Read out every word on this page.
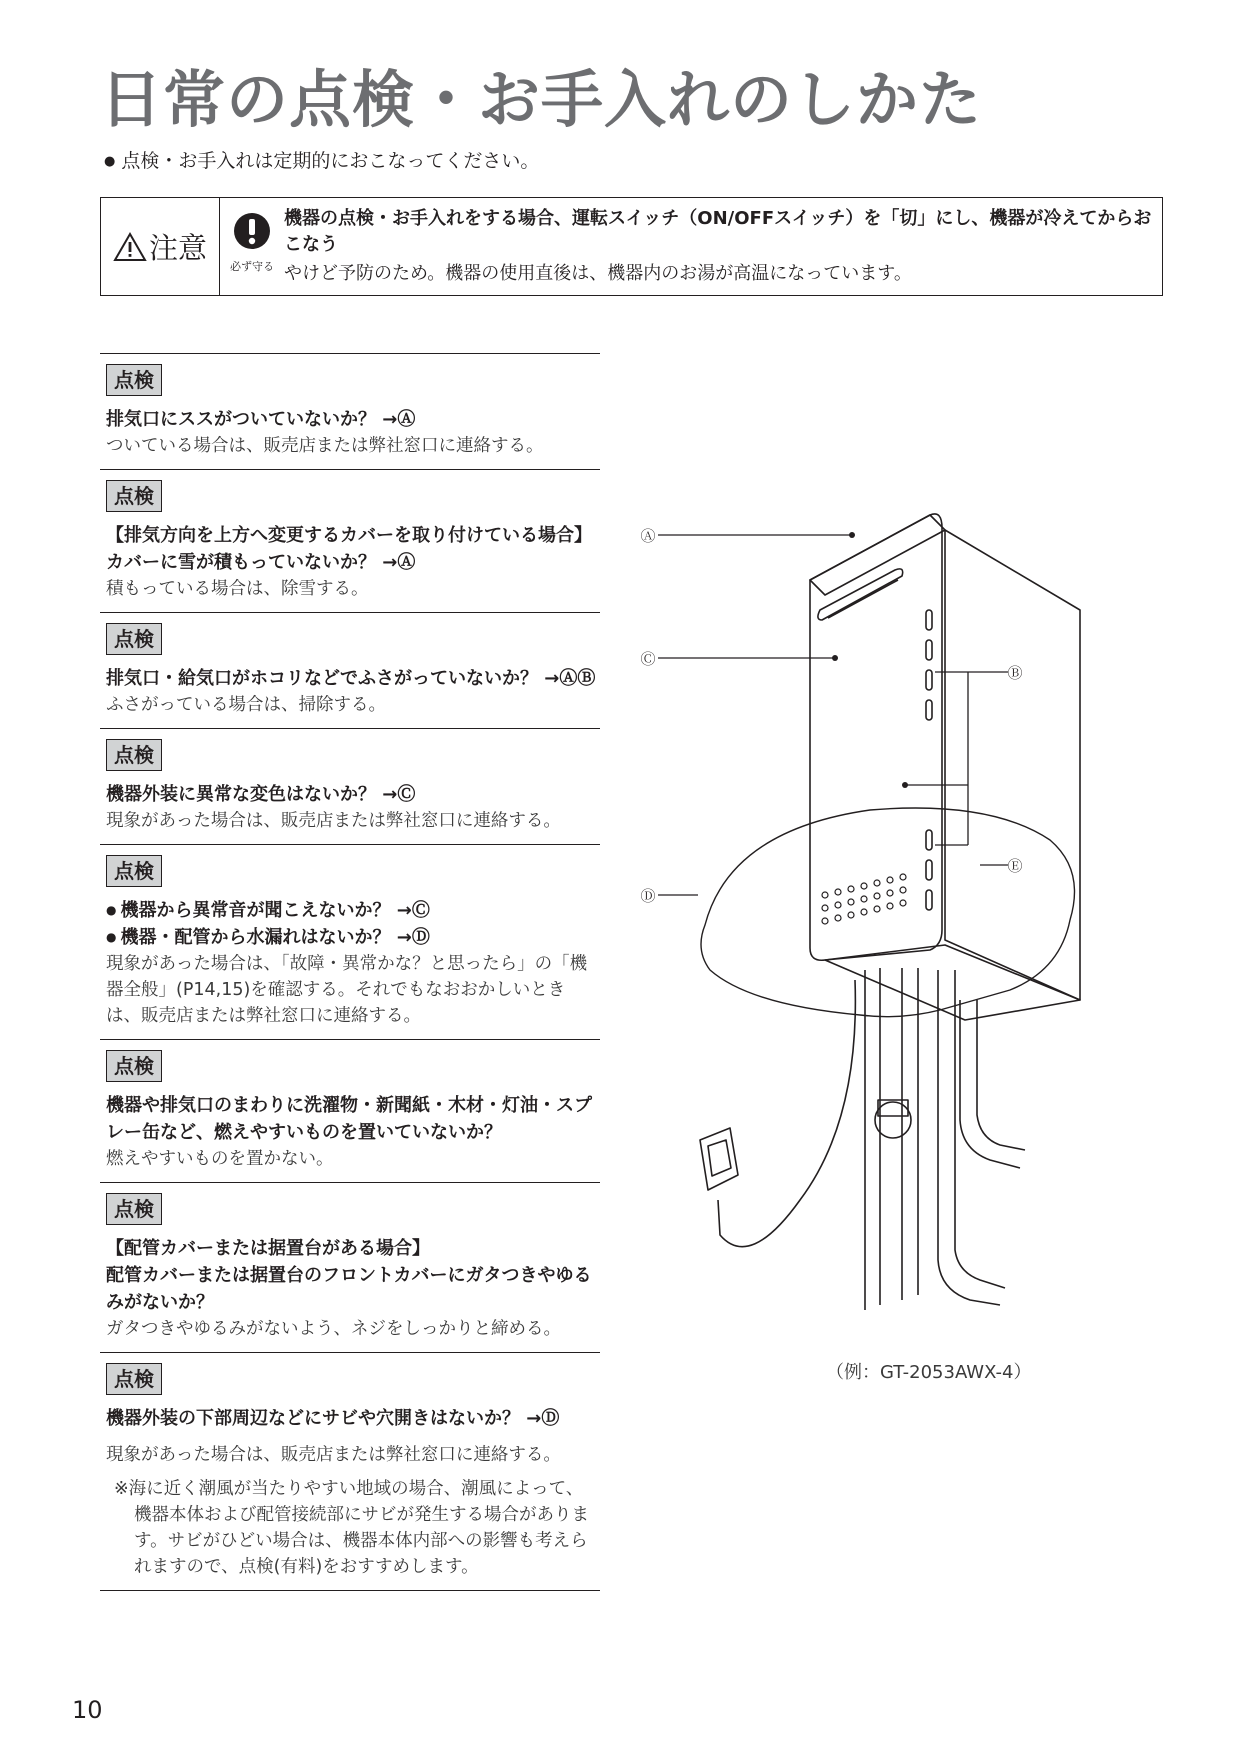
日常の点検・お手入れのしかた
● 点検・お手入れは定期的におこなってください。
注意
必ず守る
機器の点検・お手入れをする場合、運転スイッチ（ON/OFFスイッチ）を「切」にし、機器が冷えてからおこなう
やけど予防のため。機器の使用直後は、機器内のお湯が高温になっています。
点検
排気口にススがついていないか？ →Ⓐ
ついている場合は、販売店または弊社窓口に連絡する。
点検
【排気方向を上方へ変更するカバーを取り付けている場合】
カバーに雪が積もっていないか？ →Ⓐ
積もっている場合は、除雪する。
点検
排気口・給気口がホコリなどでふさがっていないか？ →ⒶⒷ
ふさがっている場合は、掃除する。
点検
機器外装に異常な変色はないか？ →Ⓒ
現象があった場合は、販売店または弊社窓口に連絡する。
点検
● 機器から異常音が聞こえないか？ →Ⓒ
● 機器・配管から水漏れはないか？ →Ⓓ
現象があった場合は、「故障・異常かな？と思ったら」の「機器全般」(P14,15)を確認する。それでもなおおかしいときは、販売店または弊社窓口に連絡する。
点検
機器や排気口のまわりに洗濯物・新聞紙・木材・灯油・スプレー缶など、燃えやすいものを置いていないか？
燃えやすいものを置かない。
点検
【配管カバーまたは据置台がある場合】
配管カバーまたは据置台のフロントカバーにガタつきやゆるみがないか？
ガタつきやゆるみがないよう、ネジをしっかりと締める。
点検
機器外装の下部周辺などにサビや穴開きはないか？ →Ⓓ
現象があった場合は、販売店または弊社窓口に連絡する。
※海に近く潮風が当たりやすい地域の場合、潮風によって、機器本体および配管接続部にサビが発生する場合があります。サビがひどい場合は、機器本体内部への影響も考えられますので、点検(有料)をおすすめします。
Ⓐ
Ⓒ
Ⓑ
Ⓓ
Ⓔ
（例：GT-2053AWX-4）
10
